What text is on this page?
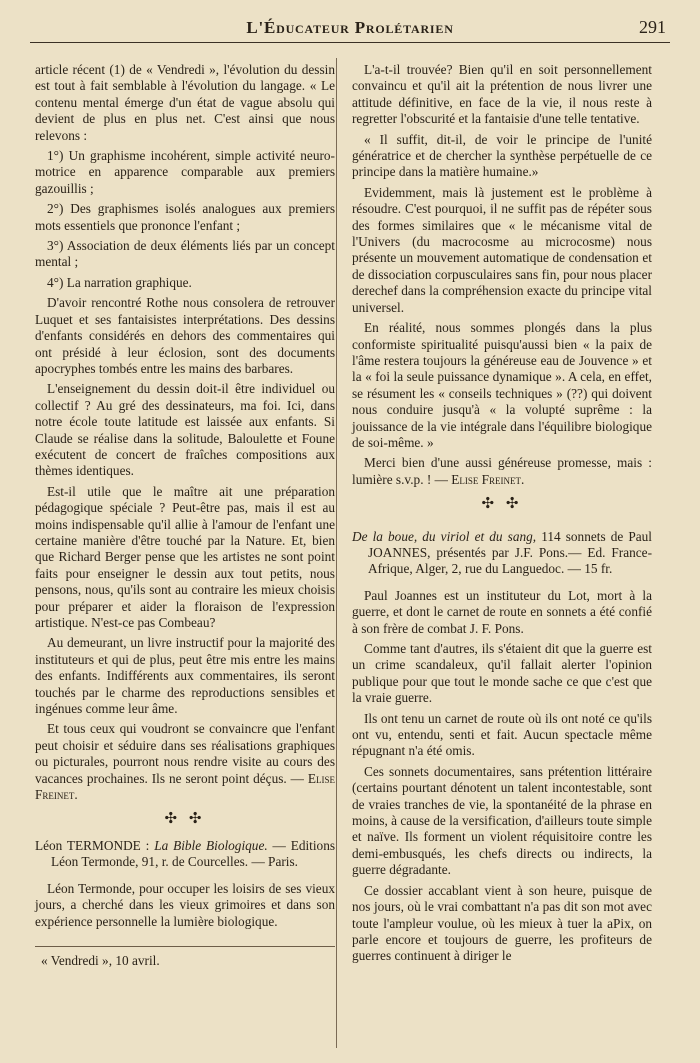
L'Éducateur Prolétarien	291

article récent (1) de « Vendredi », l'évolution du dessin est tout à fait semblable à l'évolution du langage. « Le contenu mental émerge d'un état de vague absolu qui devient de plus en plus net. C'est ainsi que nous relevons :

1°) Un graphisme incohérent, simple activité neuro-motrice en apparence comparable aux premiers gazouillis ;

2°) Des graphismes isolés analogues aux premiers mots essentiels que prononce l'enfant ;

3°) Association de deux éléments liés par un concept mental ;

4°) La narration graphique.

D'avoir rencontré Rothe nous consolera de retrouver Luquet et ses fantaisistes interprétations. Des dessins d'enfants considérés en dehors des commentaires qui ont présidé à leur éclosion, sont des documents apocryphes tombés entre les mains des barbares.

L'enseignement du dessin doit-il être individuel ou collectif ? Au gré des dessinateurs, ma foi. Ici, dans notre école toute latitude est laissée aux enfants. Si Claude se réalise dans la solitude, Baloulette et Foune exécutent de concert de fraîches compositions aux thèmes identiques.

Est-il utile que le maître ait une préparation pédagogique spéciale ? Peut-être pas, mais il est au moins indispensable qu'il allie à l'amour de l'enfant une certaine manière d'être touché par la Nature. Et, bien que Richard Berger pense que les artistes ne sont point faits pour enseigner le dessin aux tout petits, nous pensons, nous, qu'ils sont au contraire les mieux choisis pour préparer et aider la floraison de l'expression artistique. N'est-ce pas Combeau?

Au demeurant, un livre instructif pour la majorité des instituteurs et qui de plus, peut être mis entre les mains des enfants. Indifférents aux commentaires, ils seront touchés par le charme des reproductions sensibles et ingénues comme leur âme.

Et tous ceux qui voudront se convaincre que l'enfant peut choisir et séduire dans ses réalisations graphiques ou picturales, pourront nous rendre visite au cours des vacances prochaines. Ils ne seront point déçus. — Elise Freinet.

✣ ✣

Léon TERMONDE : La Bible Biologique. — Editions Léon Termonde, 91, r. de Courcelles. — Paris.

Léon Termonde, pour occuper les loisirs de ses vieux jours, a cherché dans les vieux grimoires et dans son expérience personnelle la lumière biologique.

« Vendredi », 10 avril.

L'a-t-il trouvée? Bien qu'il en soit personnellement convaincu et qu'il ait la prétention de nous livrer une attitude définitive, en face de la vie, il nous reste à regretter l'obscurité et la fantaisie d'une telle tentative.

« Il suffit, dit-il, de voir le principe de l'unité génératrice et de chercher la synthèse perpétuelle de ce principe dans la matière humaine.»

Evidemment, mais là justement est le problème à résoudre. C'est pourquoi, il ne suffit pas de répéter sous des formes similaires que « le mécanisme vital de l'Univers (du macrocosme au microcosme) nous présente un mouvement automatique de condensation et de dissociation corpusculaires sans fin, pour nous placer derechef dans la compréhension exacte du principe vital universel.

En réalité, nous sommes plongés dans la plus conformiste spiritualité puisqu'aussi bien « la paix de l'âme restera toujours la généreuse eau de Jouvence » et la « foi la seule puissance dynamique ». A cela, en effet, se résument les « conseils techniques » (??) qui doivent nous conduire jusqu'à « la volupté suprême : la jouissance de la vie intégrale dans l'équilibre biologique de soi-même. »

Merci bien d'une aussi généreuse promesse, mais : lumière s.v.p. ! — Elise Freinet.

✣ ✣

De la boue, du viriol et du sang, 114 sonnets de Paul JOANNES, présentés par J.F. Pons.— Ed. France-Afrique, Alger, 2, rue du Languedoc. — 15 fr.

Paul Joannes est un instituteur du Lot, mort à la guerre, et dont le carnet de route en sonnets a été confié à son frère de combat J. F. Pons.

Comme tant d'autres, ils s'étaient dit que la guerre est un crime scandaleux, qu'il fallait alerter l'opinion publique pour que tout le monde sache ce que c'est que la vraie guerre.

Ils ont tenu un carnet de route où ils ont noté ce qu'ils ont vu, entendu, senti et fait. Aucun spectacle même répugnant n'a été omis.

Ces sonnets documentaires, sans prétention littéraire (certains pourtant dénotent un talent incontestable, sont de vraies tranches de vie, la spontanéité de la phrase en moins, à cause de la versification, d'ailleurs toute simple et naïve. Ils forment un violent réquisitoire contre les demi-embusqués, les chefs directs ou indirects, la guerre dégradante.

Ce dossier accablant vient à son heure, puisque de nos jours, où le vrai combattant n'a pas dit son mot avec toute l'ampleur voulue, où les mieux à tuer la aPix, on parle encore et toujours de guerre, les profiteurs de guerres continuent à diriger le
